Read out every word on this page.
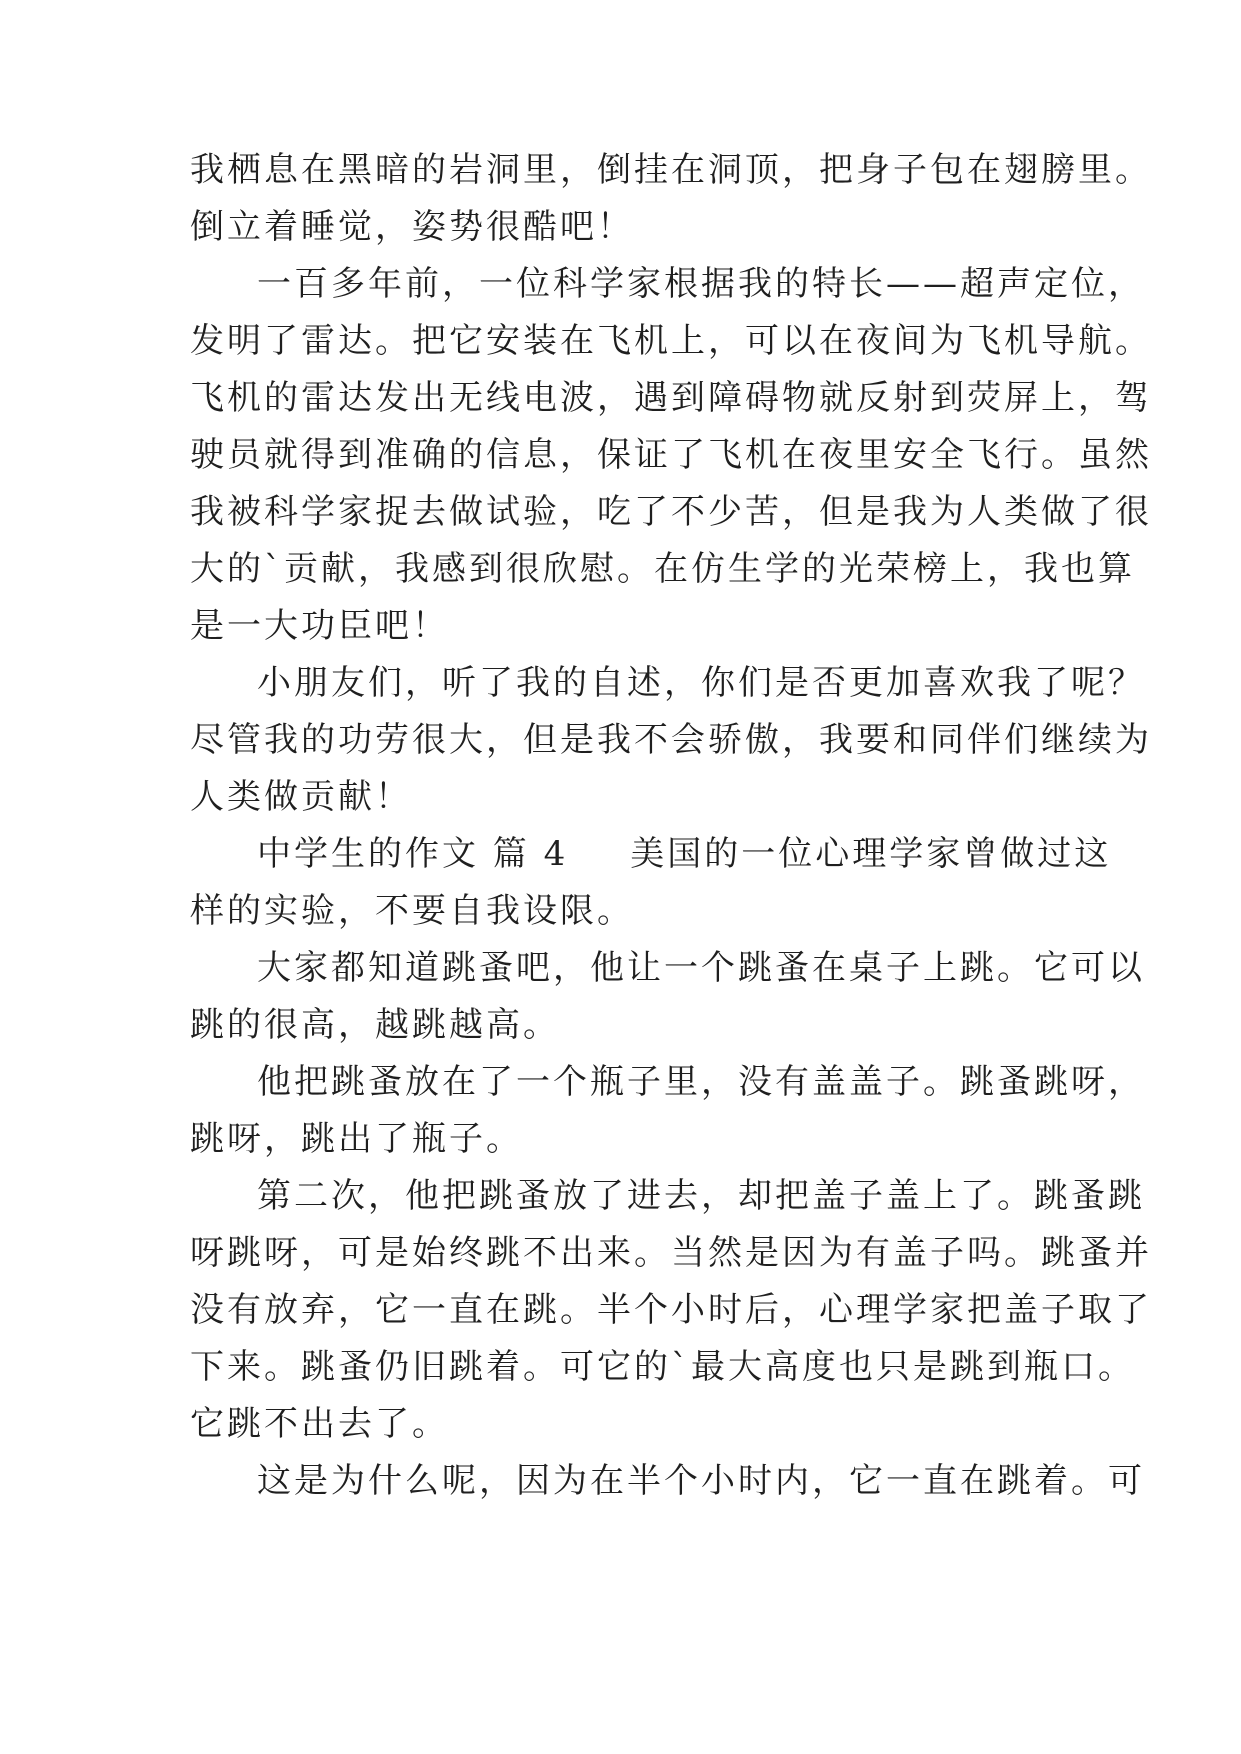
我栖息在黑暗的岩洞里，倒挂在洞顶，把身子包在翅膀里。
倒立着睡觉，姿势很酷吧！
一百多年前，一位科学家根据我的特长——超声定位，
发明了雷达。把它安装在飞机上，可以在夜间为飞机导航。
飞机的雷达发出无线电波，遇到障碍物就反射到荧屏上，驾
驶员就得到准确的信息，保证了飞机在夜里安全飞行。虽然
我被科学家捉去做试验，吃了不少苦，但是我为人类做了很
大的`贡献，我感到很欣慰。在仿生学的光荣榜上，我也算
是一大功臣吧！
小朋友们，听了我的自述，你们是否更加喜欢我了呢？
尽管我的功劳很大，但是我不会骄傲，我要和同伴们继续为
人类做贡献！
中学生的作文 篇 4 美国的一位心理学家曾做过这
样的实验，不要自我设限。
大家都知道跳蚤吧，他让一个跳蚤在桌子上跳。它可以
跳的很高，越跳越高。
他把跳蚤放在了一个瓶子里，没有盖盖子。跳蚤跳呀，
跳呀，跳出了瓶子。
第二次，他把跳蚤放了进去，却把盖子盖上了。跳蚤跳
呀跳呀，可是始终跳不出来。当然是因为有盖子吗。跳蚤并
没有放弃，它一直在跳。半个小时后，心理学家把盖子取了
下来。跳蚤仍旧跳着。可它的`最大高度也只是跳到瓶口。
它跳不出去了。
这是为什么呢，因为在半个小时内，它一直在跳着。可
